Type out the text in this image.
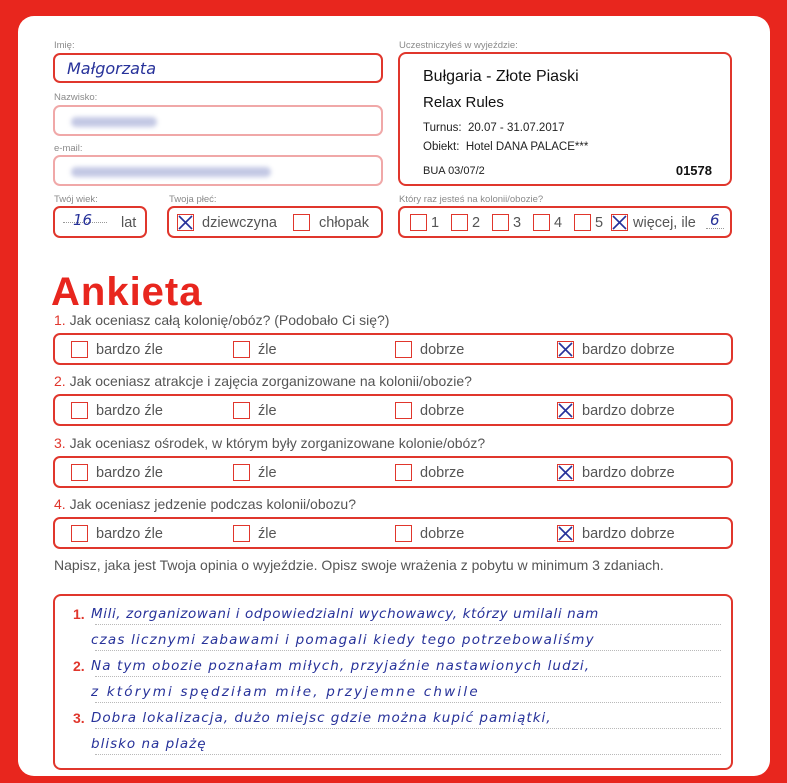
Imię:
Małgorzata
Nazwisko:
e-mail:
Twój wiek:
16 lat
Twoja płeć:
dziewczyna	chłopak
Uczestniczyłeś w wyjeździe:
Bułgaria - Złote Piaski
Relax Rules
Turnus: 20.07 - 31.07.2017
Obiekt: Hotel DANA PALACE***
BUA 03/07/2	01578
Który raz jesteś na kolonii/obozie?
1 2 3 4 5 więcej, ile 6
Ankieta
1. Jak oceniasz całą kolonię/obóz? (Podobało Ci się?)
bardzo źle	źle	dobrze	bardzo dobrze
2. Jak oceniasz atrakcje i zajęcia zorganizowane na kolonii/obozie?
bardzo źle	źle	dobrze	bardzo dobrze
3. Jak oceniasz ośrodek, w którym były zorganizowane kolonie/obóz?
bardzo źle	źle	dobrze	bardzo dobrze
4. Jak oceniasz jedzenie podczas kolonii/obozu?
bardzo źle	źle	dobrze	bardzo dobrze
Napisz, jaka jest Twoja opinia o wyjeździe. Opisz swoje wrażenia z pobytu w minimum 3 zdaniach.
1.
2.
3.
Mili, zorganizowani i odpowiedzialni wychowawcy, którzy umilali nam
czas licznymi zabawami i pomagali kiedy tego potrzebowaliśmy
Na tym obozie poznałam miłych, przyjaźnie nastawionych ludzi,
z którymi spędziłam miłe, przyjemne chwile
Dobra lokalizacja, dużo miejsc gdzie można kupić pamiątki,
blisko na plażę
